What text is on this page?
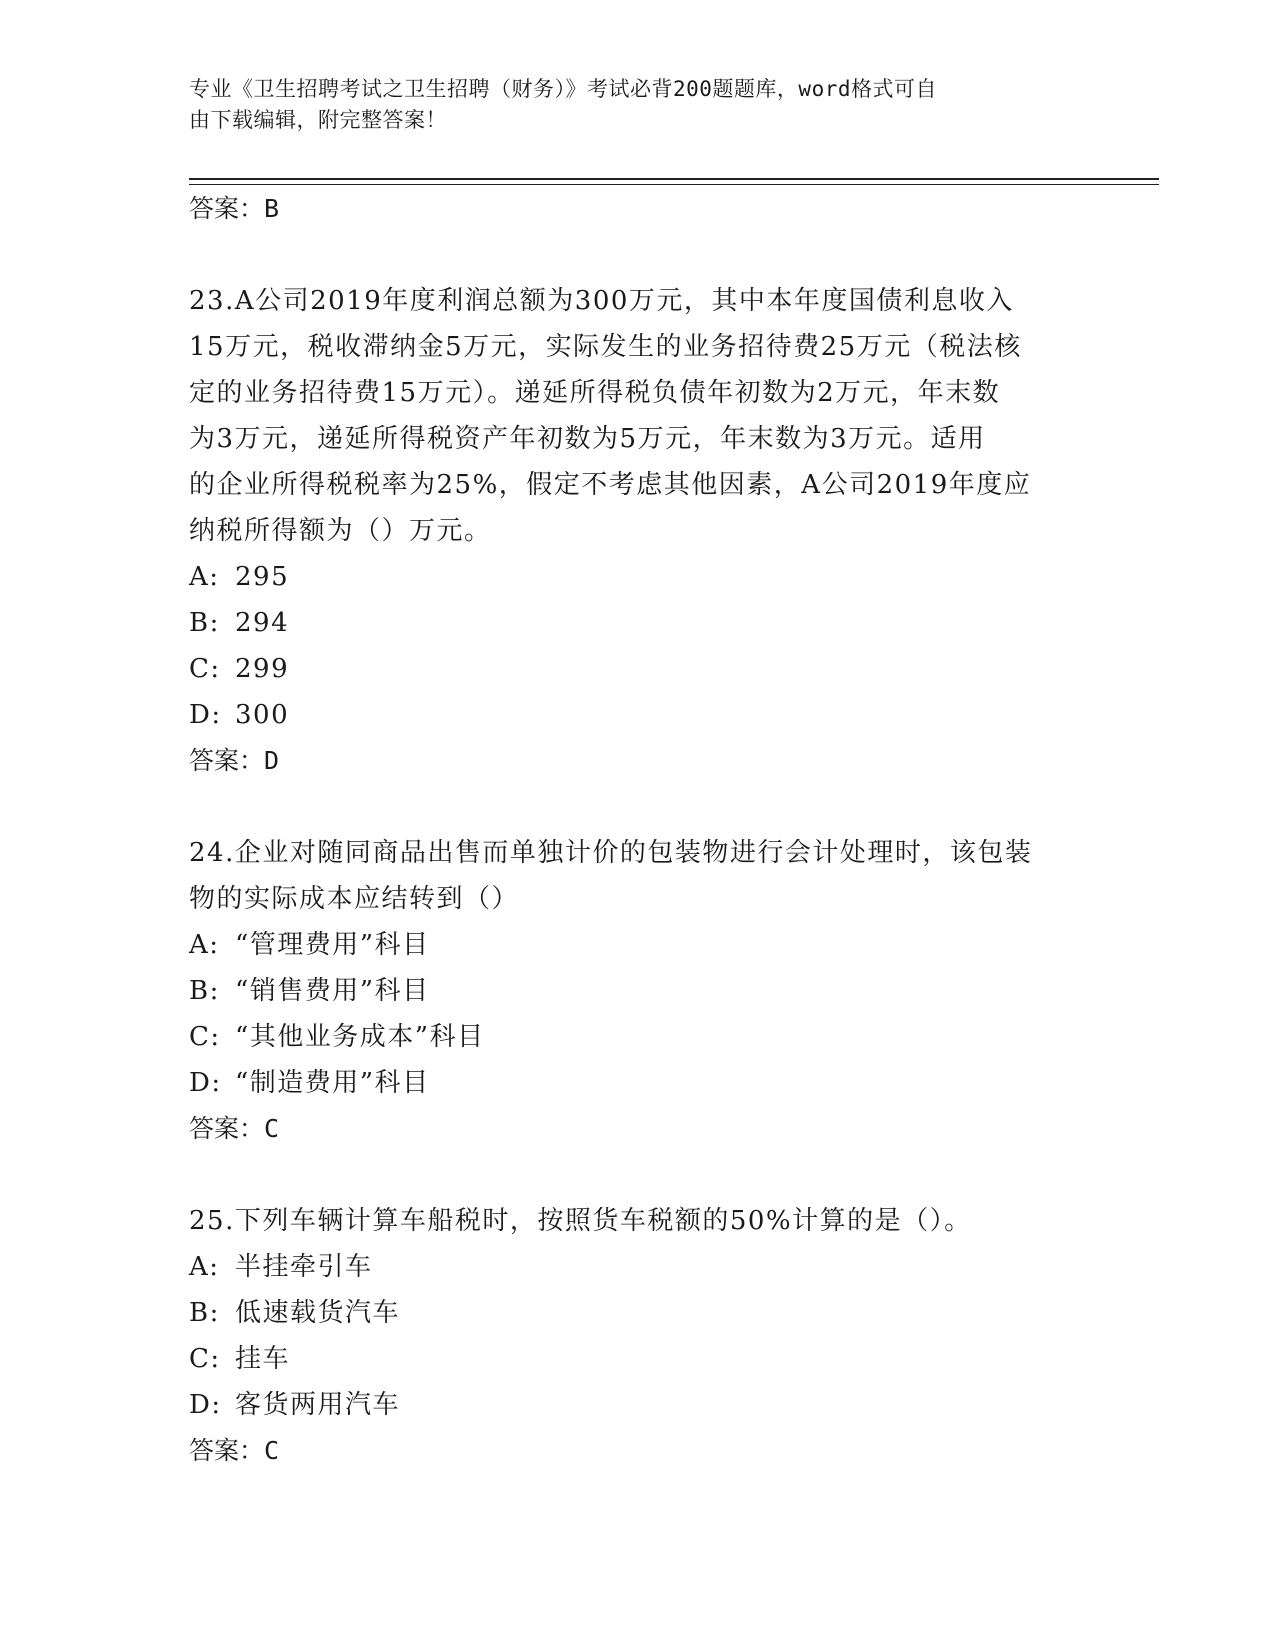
专业《卫生招聘考试之卫生招聘（财务）》考试必背200题题库，word格式可自
由下载编辑，附完整答案！
答案：B
23.A公司2019年度利润总额为300万元，其中本年度国债利息收入
15万元，税收滞纳金5万元，实际发生的业务招待费25万元（税法核
定的业务招待费15万元）。递延所得税负债年初数为2万元，年末数
为3万元，递延所得税资产年初数为5万元，年末数为3万元。适用
的企业所得税税率为25%，假定不考虑其他因素，A公司2019年度应
纳税所得额为（）万元。
A: 295
B: 294
C: 299
D: 300
答案：D
24.企业对随同商品出售而单独计价的包装物进行会计处理时，该包装
物的实际成本应结转到（）
A: “管理费用”科目
B: “销售费用”科目
C: “其他业务成本”科目
D: “制造费用”科目
答案：C
25.下列车辆计算车船税时，按照货车税额的50%计算的是（）。
A: 半挂牵引车
B: 低速载货汽车
C: 挂车
D: 客货两用汽车
答案：C
